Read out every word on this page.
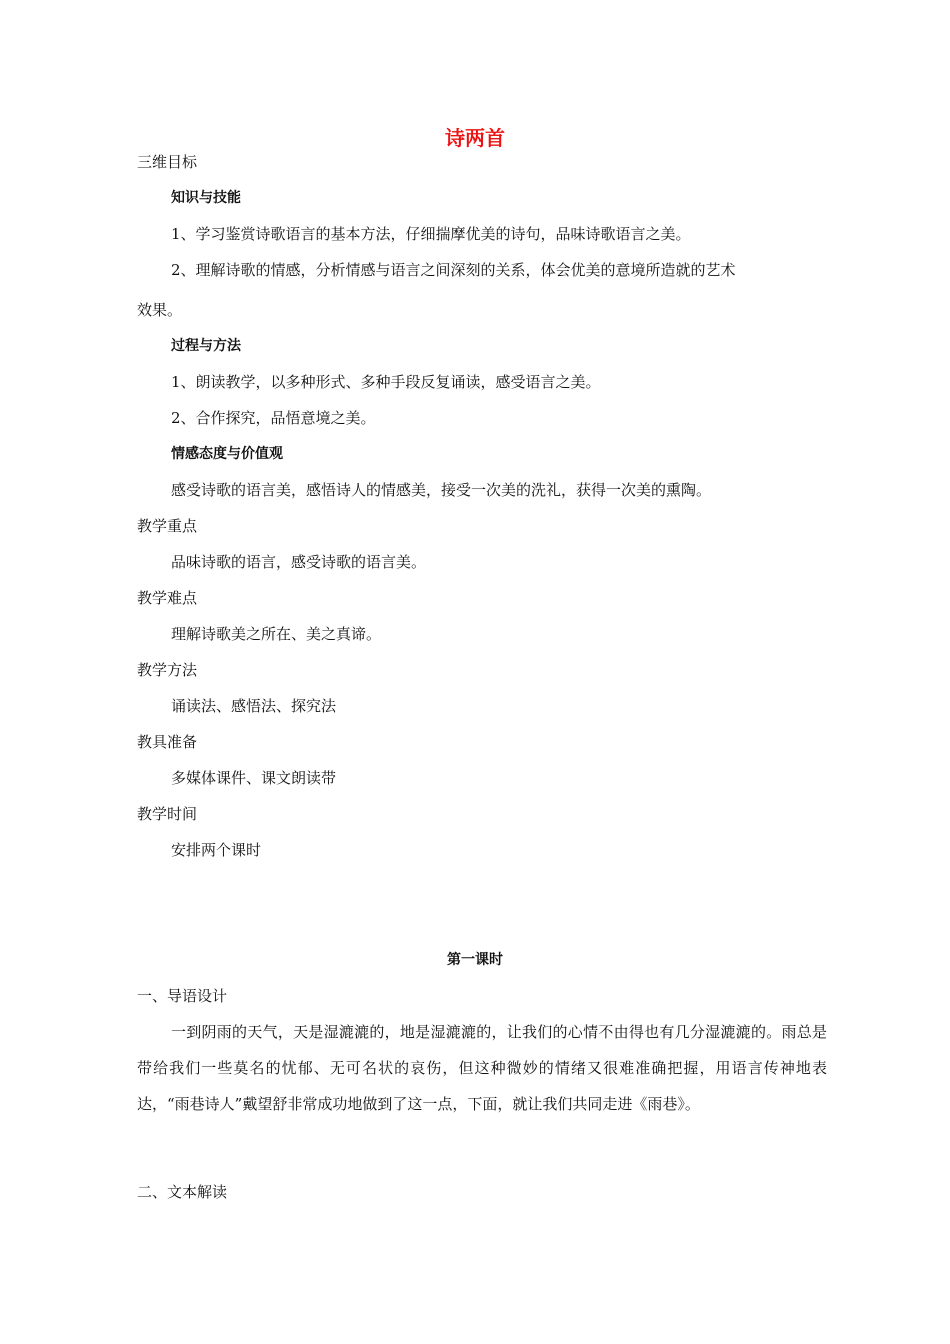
诗两首
三维目标
知识与技能
1、学习鉴赏诗歌语言的基本方法，仔细揣摩优美的诗句，品味诗歌语言之美。
2、理解诗歌的情感，分析情感与语言之间深刻的关系，体会优美的意境所造就的艺术
效果。
过程与方法
1、朗读教学，以多种形式、多种手段反复诵读，感受语言之美。
2、合作探究，品悟意境之美。
情感态度与价值观
感受诗歌的语言美，感悟诗人的情感美，接受一次美的洗礼，获得一次美的熏陶。
教学重点
品味诗歌的语言，感受诗歌的语言美。
教学难点
理解诗歌美之所在、美之真谛。
教学方法
诵读法、感悟法、探究法
教具准备
多媒体课件、课文朗读带
教学时间
安排两个课时
第一课时
一、导语设计
一到阴雨的天气，天是湿漉漉的，地是湿漉漉的，让我们的心情不由得也有几分湿漉漉的。雨总是带给我们一些莫名的忧郁、无可名状的哀伤，但这种微妙的情绪又很难准确把握，用语言传神地表达，“雨巷诗人”戴望舒非常成功地做到了这一点，下面，就让我们共同走进《雨巷》。
二、文本解读
